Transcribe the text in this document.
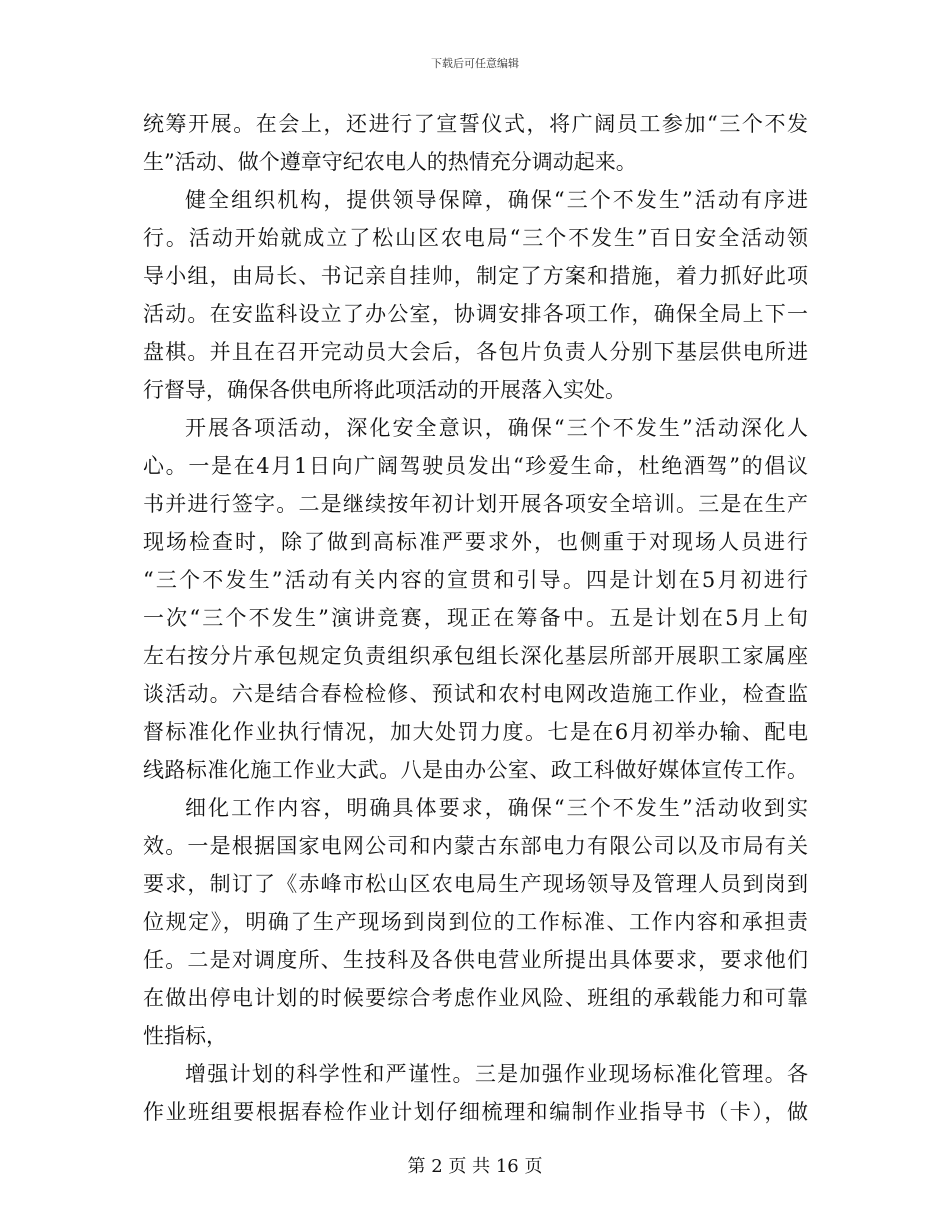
下载后可任意编辑
统筹开展。在会上，还进行了宣誓仪式，将广阔员工参加“三个不发
生”活动、做个遵章守纪农电人的热情充分调动起来。
健全组织机构，提供领导保障，确保“三个不发生”活动有序进
行。活动开始就成立了松山区农电局“三个不发生”百日安全活动领
导小组，由局长、书记亲自挂帅，制定了方案和措施，着力抓好此项
活动。在安监科设立了办公室，协调安排各项工作，确保全局上下一
盘棋。并且在召开完动员大会后，各包片负责人分别下基层供电所进
行督导，确保各供电所将此项活动的开展落入实处。
开展各项活动，深化安全意识，确保“三个不发生”活动深化人
心。一是在4月1日向广阔驾驶员发出“珍爱生命，杜绝酒驾”的倡议
书并进行签字。二是继续按年初计划开展各项安全培训。三是在生产
现场检查时，除了做到高标准严要求外，也侧重于对现场人员进行
“三个不发生”活动有关内容的宣贯和引导。四是计划在5月初进行
一次“三个不发生”演讲竞赛，现正在筹备中。五是计划在5月上旬
左右按分片承包规定负责组织承包组长深化基层所部开展职工家属座
谈活动。六是结合春检检修、预试和农村电网改造施工作业，检查监
督标准化作业执行情况，加大处罚力度。七是在6月初举办输、配电
线路标准化施工作业大武。八是由办公室、政工科做好媒体宣传工作。
细化工作内容，明确具体要求，确保“三个不发生”活动收到实
效。一是根据国家电网公司和内蒙古东部电力有限公司以及市局有关
要求，制订了《赤峰市松山区农电局生产现场领导及管理人员到岗到
位规定》，明确了生产现场到岗到位的工作标准、工作内容和承担责
任。二是对调度所、生技科及各供电营业所提出具体要求，要求他们
在做出停电计划的时候要综合考虑作业风险、班组的承载能力和可靠
性指标，
增强计划的科学性和严谨性。三是加强作业现场标准化管理。各
作业班组要根据春检作业计划仔细梳理和编制作业指导书（卡），做
第 2 页 共 16 页
